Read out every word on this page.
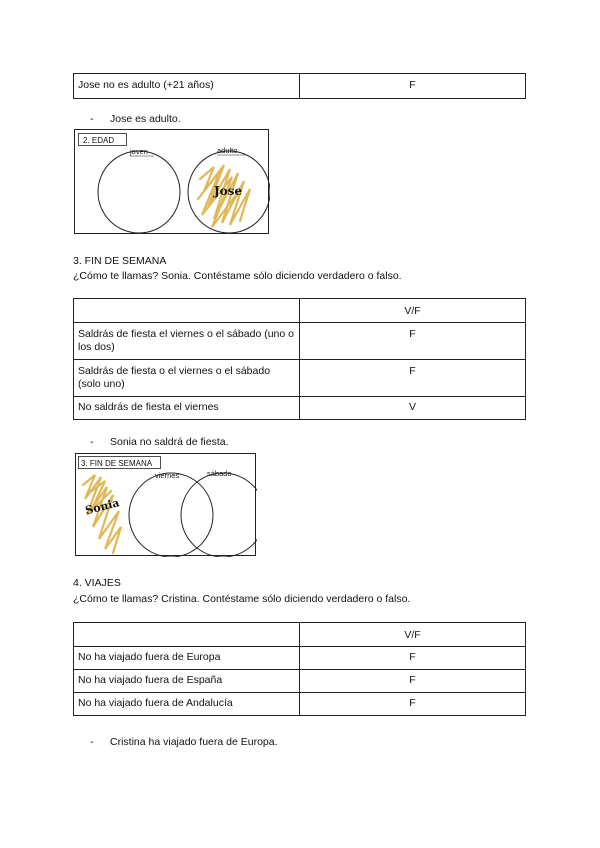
Jose no es adulto (+21 años)	F
- Jose es adulto.
2. EDAD
joven	adulto
Jose
3. FIN DE SEMANA
¿Cómo te llamas? Sonia. Contéstame sólo diciendo verdadero o falso.
	V/F
Saldrás de fiesta el viernes o el sábado (uno o los dos)	F
Saldrás de fiesta o el viernes o el sábado (solo uno)	F
No saldrás de fiesta el viernes	V
- Sonia no saldrá de fiesta.
3. FIN DE SEMANA
viernes	sábado
Sonia
4. VIAJES
¿Cómo te llamas? Cristina. Contéstame sólo diciendo verdadero o falso.
	V/F
No ha viajado fuera de Europa	F
No ha viajado fuera de España	F
No ha viajado fuera de Andalucía	F
- Cristina ha viajado fuera de Europa.
